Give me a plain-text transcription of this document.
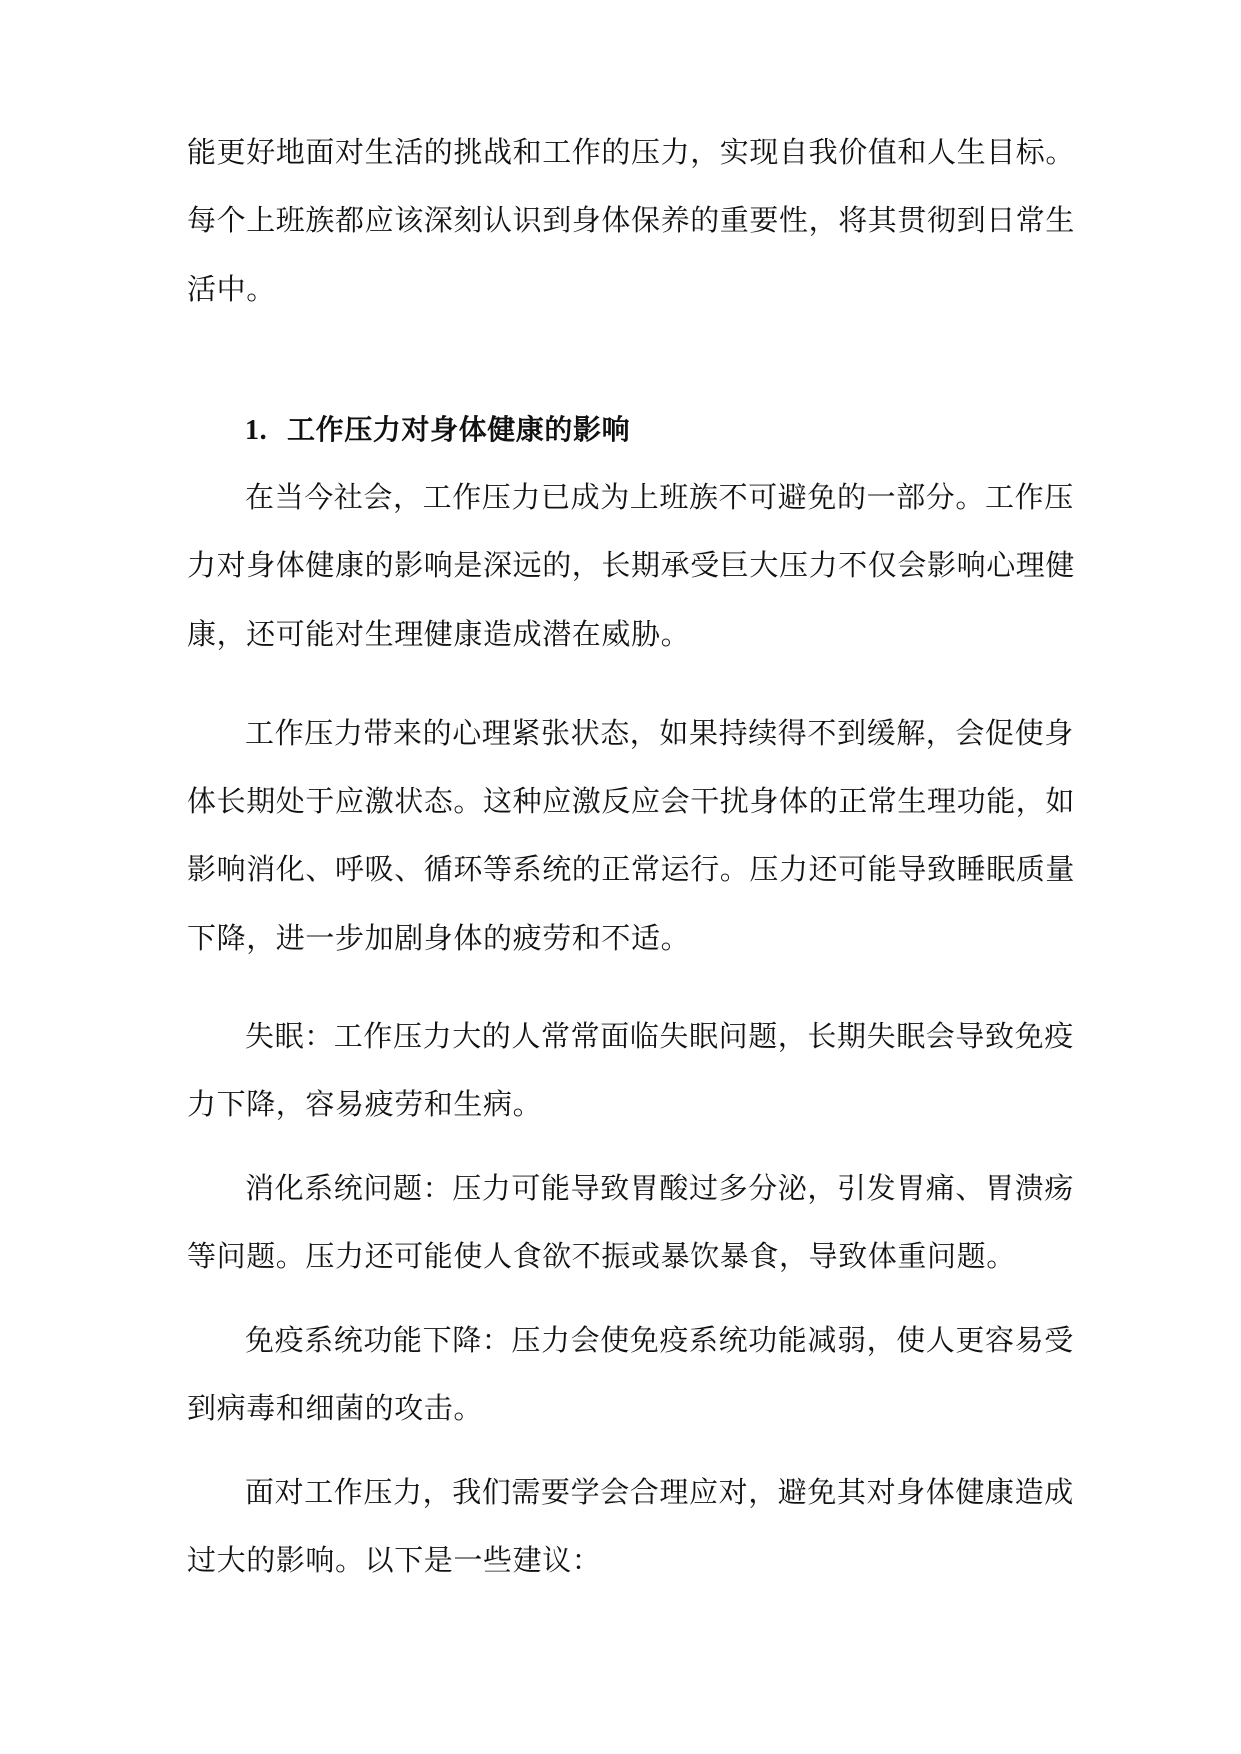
能更好地面对生活的挑战和工作的压力，实现自我价值和人生目标。
每个上班族都应该深刻认识到身体保养的重要性，将其贯彻到日常生
活中。
1. 工作压力对身体健康的影响
在当今社会，工作压力已成为上班族不可避免的一部分。工作压
力对身体健康的影响是深远的，长期承受巨大压力不仅会影响心理健
康，还可能对生理健康造成潜在威胁。
工作压力带来的心理紧张状态，如果持续得不到缓解，会促使身
体长期处于应激状态。这种应激反应会干扰身体的正常生理功能，如
影响消化、呼吸、循环等系统的正常运行。压力还可能导致睡眠质量
下降，进一步加剧身体的疲劳和不适。
失眠：工作压力大的人常常面临失眠问题，长期失眠会导致免疫
力下降，容易疲劳和生病。
消化系统问题：压力可能导致胃酸过多分泌，引发胃痛、胃溃疡
等问题。压力还可能使人食欲不振或暴饮暴食，导致体重问题。
免疫系统功能下降：压力会使免疫系统功能减弱，使人更容易受
到病毒和细菌的攻击。
面对工作压力，我们需要学会合理应对，避免其对身体健康造成
过大的影响。以下是一些建议：
